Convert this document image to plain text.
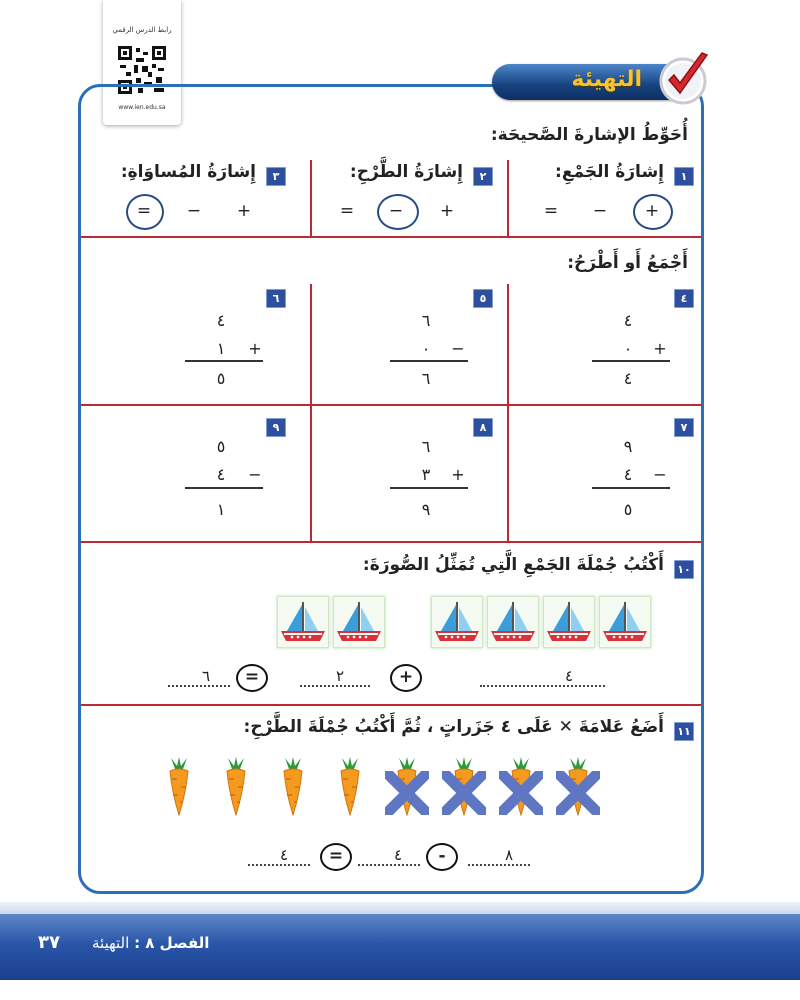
رابط الدرس الرقمي
www.ien.edu.sa
التهيئة
أُحَوِّطُ الإشارةَ الصَّحيحَة:
١
إِشارَةُ الجَمْعِ:
٢
إِشارَةُ الطَّرْحِ:
٣
إِشارَةُ المُساوَاةِ:
= − +
= − +
= − +
أَجْمَعُ أَو أَطْرَحُ:
٤
٤
+
٠
٤
٥
٦
−
٠
٦
٦
٤
+
١
٥
٧
٩
−
٤
٥
٨
٦
+
٣
٩
٩
٥
−
٤
١
١٠
أَكْتُبُ جُمْلَةَ الجَمْعِ الَّتِي تُمَثِّلُ الصُّورَةَ:
٤
+
٢
=
٦
١١
أَضَعُ عَلامَةَ ✕ عَلَى ٤ جَزَراتٍ ، ثُمَّ أَكْتُبُ جُمْلَةَ الطَّرْحِ:
٨
-
٤
=
٤
الفصل ٨ : التهيئة
٣٧
